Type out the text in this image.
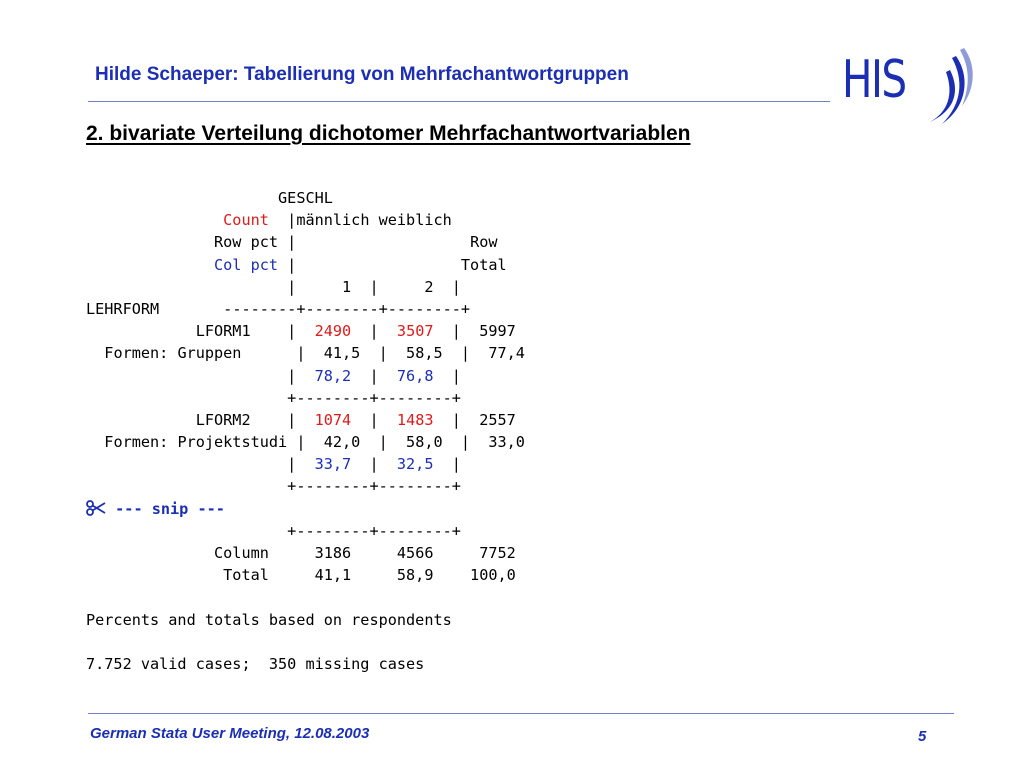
Hilde Schaeper: Tabellierung von Mehrfachantwortgruppen	HIS
2. bivariate Verteilung dichotomer Mehrfachantwortvariablen
GESCHL
Count  |männlich weiblich
Row pct |                   Row
Col pct |                  Total
|     1  |     2  |
LEHRFORM	--------+--------+--------+
LFORM1    |  2490  |  3507  |  5997
Formen: Gruppen      |  41,5  |  58,5  |  77,4
|  78,2  |  76,8  |
+--------+--------+
LFORM2    |  1074  |  1483  |  2557
Formen: Projektstudi |  42,0  |  58,0  |  33,0
|  33,7  |  32,5  |
+--------+--------+
--- snip ---
+--------+--------+
Column	3186	4566	7752
Total	41,1	58,9 100,0

Percents and totals based on respondents

7.752 valid cases;  350 missing cases
German Stata User Meeting, 12.08.2003	5
